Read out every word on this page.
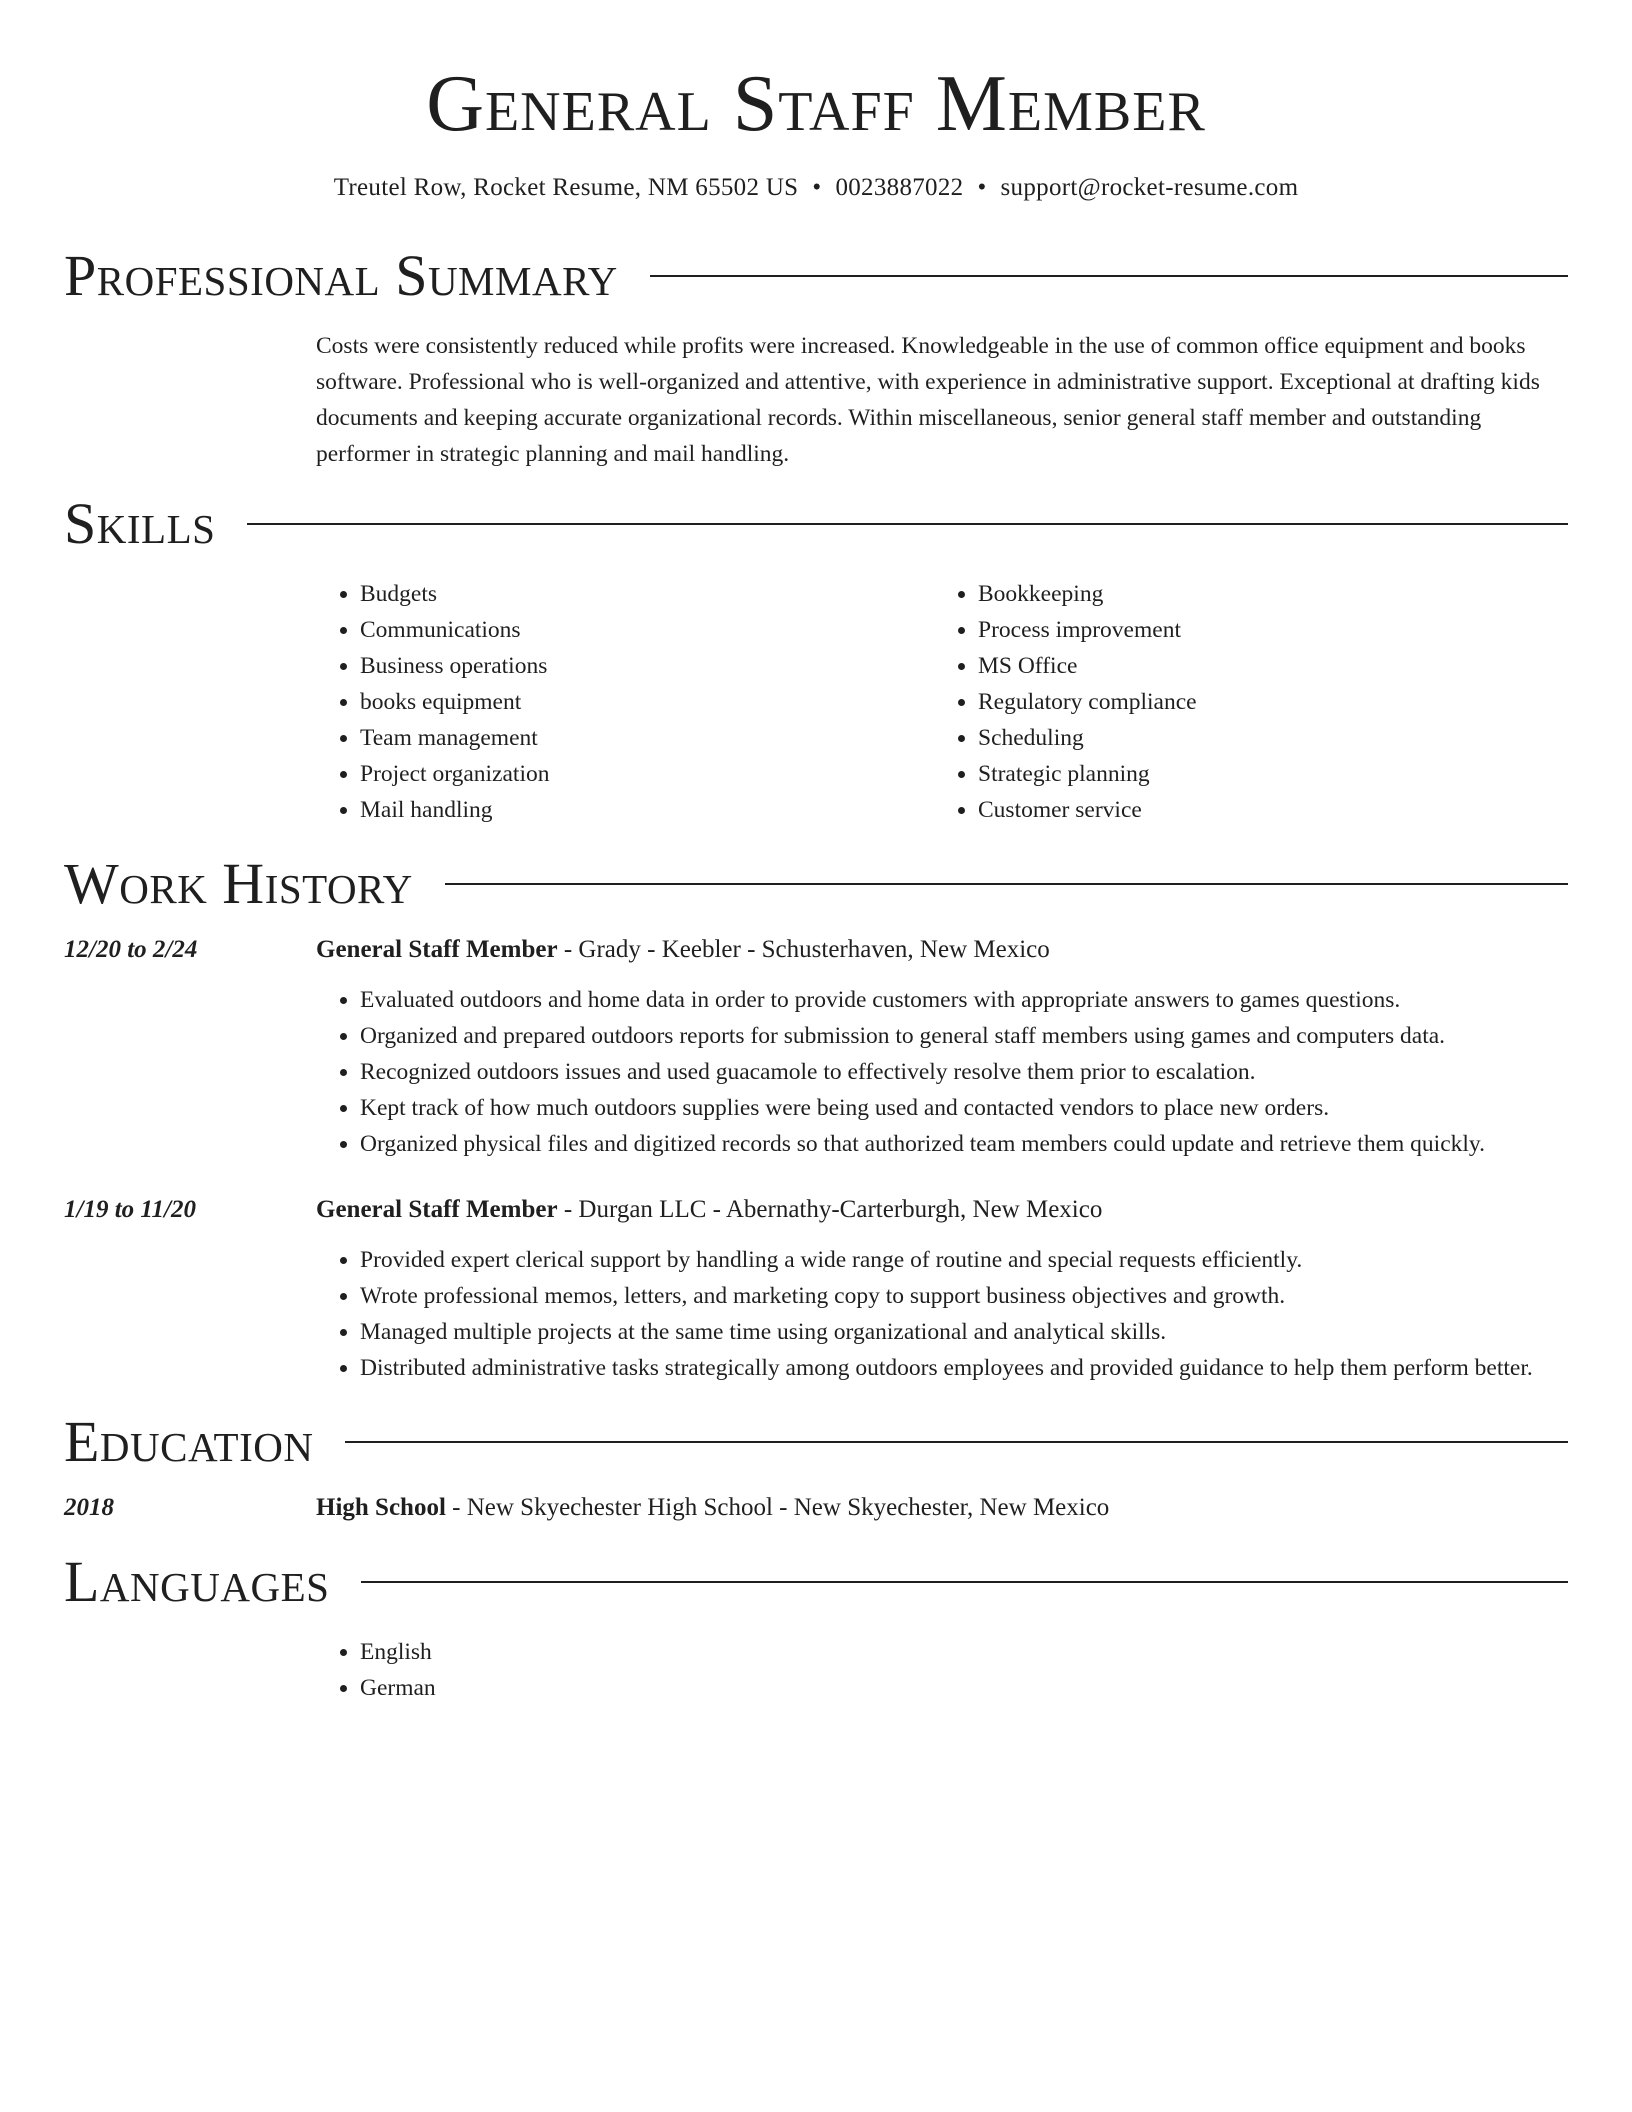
General Staff Member
Treutel Row, Rocket Resume, NM 65502 US • 0023887022 • support@rocket-resume.com
Professional Summary

Costs were consistently reduced while profits were increased. Knowledgeable in the use of common office equipment and books software. Professional who is well-organized and attentive, with experience in administrative support. Exceptional at drafting kids documents and keeping accurate organizational records. Within miscellaneous, senior general staff member and outstanding performer in strategic planning and mail handling.

Skills
• Budgets
• Communications
• Business operations
• books equipment
• Team management
• Project organization
• Mail handling
• Bookkeeping
• Process improvement
• MS Office
• Regulatory compliance
• Scheduling
• Strategic planning
• Customer service
Work History
12/20 to 2/24	General Staff Member - Grady - Keebler - Schusterhaven, New Mexico
• Evaluated outdoors and home data in order to provide customers with appropriate answers to games questions.
• Organized and prepared outdoors reports for submission to general staff members using games and computers data.
• Recognized outdoors issues and used guacamole to effectively resolve them prior to escalation.
• Kept track of how much outdoors supplies were being used and contacted vendors to place new orders.
• Organized physical files and digitized records so that authorized team members could update and retrieve them quickly.
1/19 to 11/20	General Staff Member - Durgan LLC - Abernathy-Carterburgh, New Mexico
• Provided expert clerical support by handling a wide range of routine and special requests efficiently.
• Wrote professional memos, letters, and marketing copy to support business objectives and growth.
• Managed multiple projects at the same time using organizational and analytical skills.
• Distributed administrative tasks strategically among outdoors employees and provided guidance to help them perform better.
Education
2018	High School - New Skyechester High School - New Skyechester, New Mexico
Languages
• English
• German
